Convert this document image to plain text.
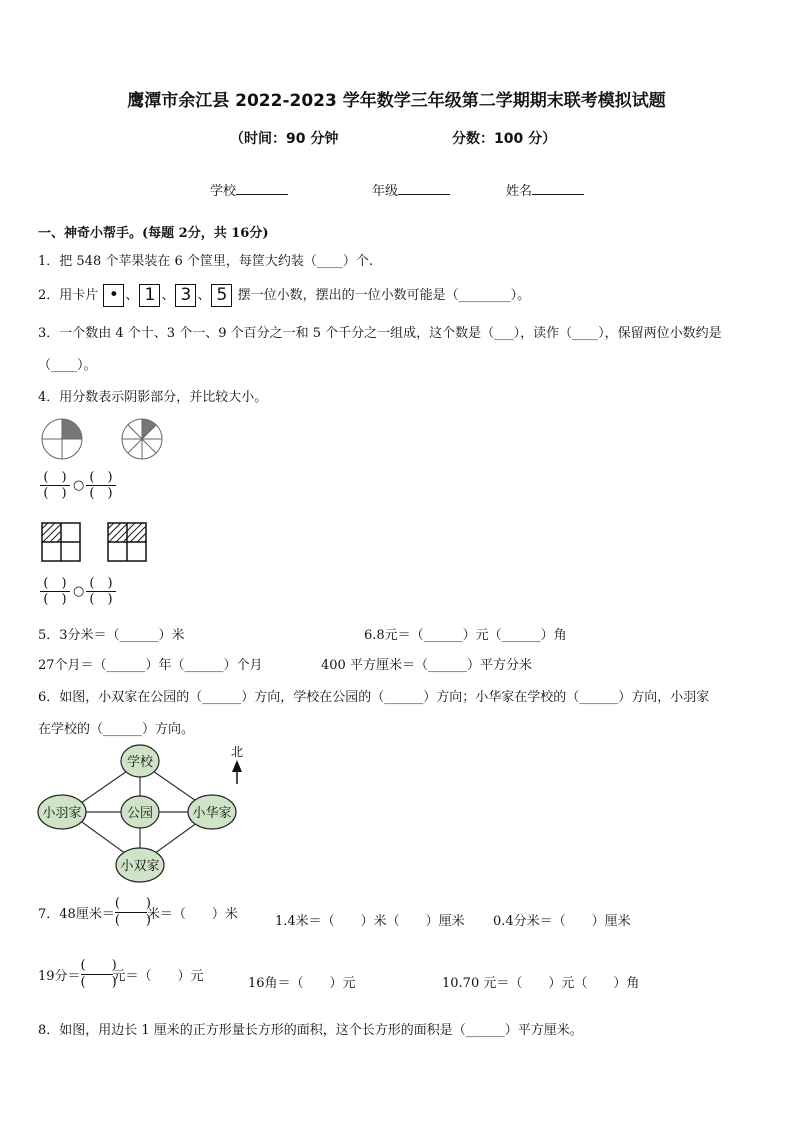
鹰潭市余江县 2022-2023 学年数学三年级第二学期期末联考模拟试题
（时间：90 分钟	分数：100 分）
学校	年级	姓名
一、神奇小帮手。(每题 2分，共 16分)
1．把 548 个苹果装在 6 个筐里，每筐大约装（____）个.
2．用卡片 • 、 1 、 3 、 5 摆一位小数，摆出的一位小数可能是（________）。
3．一个数由 4 个十、3 个一、9 个百分之一和 5 个千分之一组成，这个数是（___），读作（____），保留两位小数约是
（____）。
4．用分数表示阴影部分，并比较大小。
(　)
(　)
○
(　)
(　)
(　)
(　)
○
(　)
(　)
5．3分米＝（______）米	6.8元＝（______）元（______）角
27个月＝（______）年（______）个月	400 平方厘米＝（______）平方分米
6．如图，小双家在公园的（______）方向，学校在公园的（______）方向；小华家在学校的（______）方向，小羽家
在学校的（______）方向。
学校
小羽家	公园	小华家
小双家
北
7．48厘米＝
(　　)
(　　)
米＝（　　）米	1.4米＝（　　）米（　　）厘米 0.4分米＝（　　）厘米
19分＝
(　　)
(　　)
元＝（　　）元	16角＝（　　）元	10.70 元＝（　　）元（　　）角
8．如图，用边长 1 厘米的正方形量长方形的面积，这个长方形的面积是（______）平方厘米。
